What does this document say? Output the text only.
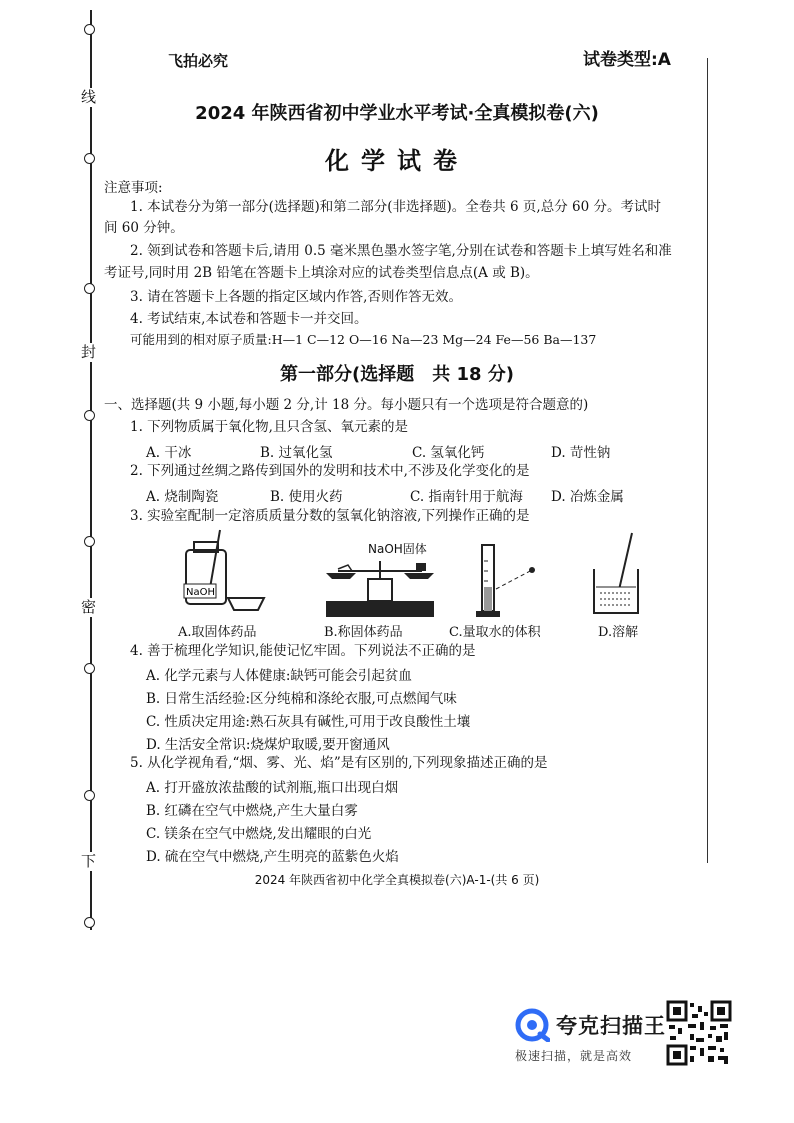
线
封
密
下
飞拍必究	试卷类型:A
2024 年陕西省初中学业水平考试·全真模拟卷(六)
化学试卷
注意事项:
1. 本试卷分为第一部分(选择题)和第二部分(非选择题)。全卷共 6 页,总分 60 分。考试时
间 60 分钟。
2. 领到试卷和答题卡后,请用 0.5 毫米黑色墨水签字笔,分别在试卷和答题卡上填写姓名和准
考证号,同时用 2B 铅笔在答题卡上填涂对应的试卷类型信息点(A 或 B)。
3. 请在答题卡上各题的指定区域内作答,否则作答无效。
4. 考试结束,本试卷和答题卡一并交回。
可能用到的相对原子质量:H—1 C—12 O—16 Na—23 Mg—24 Fe—56 Ba—137
第一部分(选择题　共 18 分)
一、选择题(共 9 小题,每小题 2 分,计 18 分。每小题只有一个选项是符合题意的)
1. 下列物质属于氧化物,且只含氢、氧元素的是
A. 干冰	B. 过氧化氢	C. 氢氧化钙	D. 苛性钠
2. 下列通过丝绸之路传到国外的发明和技术中,不涉及化学变化的是
A. 烧制陶瓷	B. 使用火药	C. 指南针用于航海 D. 冶炼金属
3. 实验室配制一定溶质质量分数的氢氧化钠溶液,下列操作正确的是
NaOH
NaOH固体
A.取固体药品	B.称固体药品	C.量取水的体积	D.溶解
4. 善于梳理化学知识,能使记忆牢固。下列说法不正确的是
A. 化学元素与人体健康:缺钙可能会引起贫血
B. 日常生活经验:区分纯棉和涤纶衣服,可点燃闻气味
C. 性质决定用途:熟石灰具有碱性,可用于改良酸性土壤
D. 生活安全常识:烧煤炉取暖,要开窗通风
5. 从化学视角看,“烟、雾、光、焰”是有区别的,下列现象描述正确的是
A. 打开盛放浓盐酸的试剂瓶,瓶口出现白烟
B. 红磷在空气中燃烧,产生大量白雾
C. 镁条在空气中燃烧,发出耀眼的白光
D. 硫在空气中燃烧,产生明亮的蓝紫色火焰
2024 年陕西省初中化学全真模拟卷(六)A-1-(共 6 页)
夸克扫描王
极速扫描，就是高效
